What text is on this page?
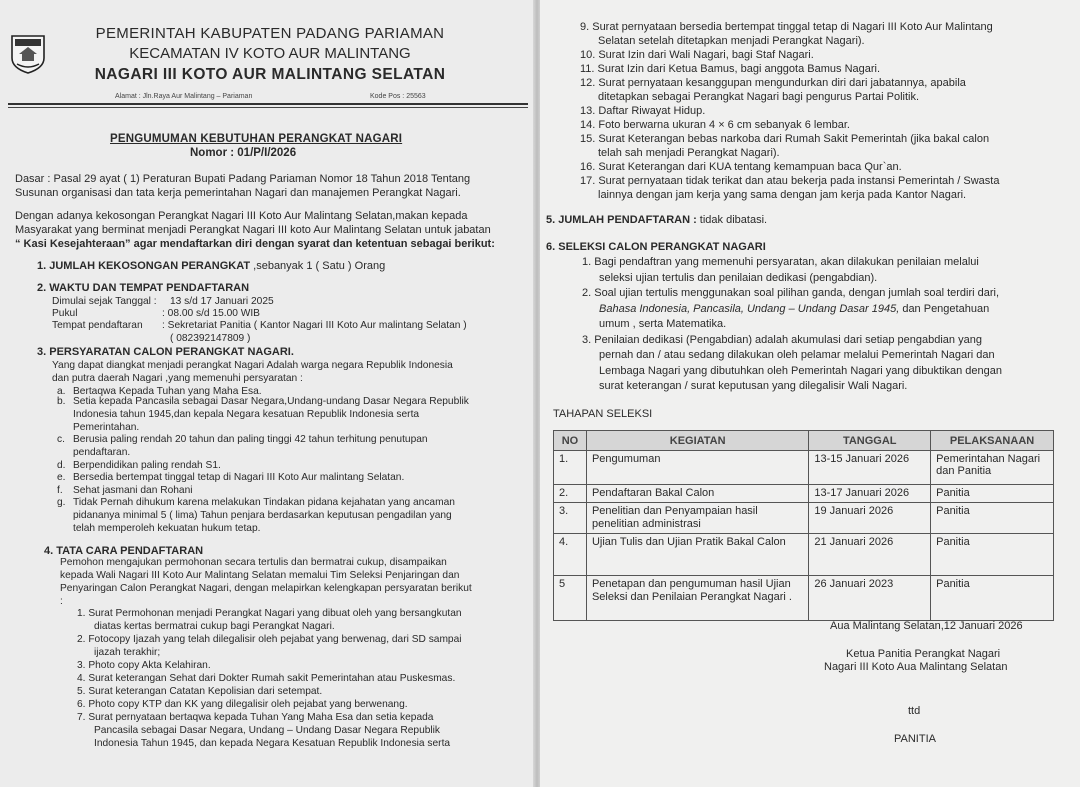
PEMERINTAH KABUPATEN PADANG PARIAMAN
KECAMATAN IV KOTO AUR MALINTANG
NAGARI III KOTO AUR MALINTANG SELATAN
Alamat : Jln.Raya Aur Malintang – Pariaman	Kode Pos : 25563
PENGUMUMAN KEBUTUHAN PERANGKAT NAGARI
Nomor : 01/P/I/2026
Dasar : Pasal 29 ayat ( 1) Peraturan Bupati Padang Pariaman Nomor 18 Tahun 2018 Tentang
Susunan organisasi dan tata kerja pemerintahan Nagari dan manajemen Perangkat Nagari.
Dengan adanya kekosongan Perangkat Nagari III Koto Aur Malintang Selatan,makan kepada
Masyarakat yang berminat menjadi Perangkat Nagari III koto Aur Malintang Selatan untuk jabatan
“ Kasi Kesejahteraan” agar mendaftarkan diri dengan syarat dan ketentuan sebagai berikut:
1. JUMLAH KEKOSONGAN PERANGKAT ,sebanyak 1 ( Satu ) Orang
2. WAKTU DAN TEMPAT PENDAFTARAN
Dimulai sejak Tanggal : 13 s/d 17 Januari 2025
Pukul	: 08.00 s/d 15.00 WIB
Tempat pendaftaran : Sekretariat Panitia ( Kantor Nagari III Koto Aur malintang Selatan )
( 082392147809 )
3. PERSYARATAN CALON PERANGKAT NAGARI.
Yang dapat diangkat menjadi perangkat Nagari Adalah warga negara Republik Indonesia
dan putra daerah Nagari ,yang memenuhi persyaratan :
a. Bertaqwa Kepada Tuhan yang Maha Esa.
b. Setia kepada Pancasila sebagai Dasar Negara,Undang-undang Dasar Negara Republik
Indonesia tahun 1945,dan kepala Negara kesatuan Republik Indonesia serta
Pemerintahan.
c. Berusia paling rendah 20 tahun dan paling tinggi 42 tahun terhitung penutupan
pendaftaran.
d. Berpendidikan paling rendah S1.
e. Bersedia bertempat tinggal tetap di Nagari III Koto Aur malintang Selatan.
f. Sehat jasmani dan Rohani
g. Tidak Pernah dihukum karena melakukan Tindakan pidana kejahatan yang ancaman
pidananya minimal 5 ( lima) Tahun penjara berdasarkan keputusan pengadilan yang
telah memperoleh kekuatan hukum tetap.
4. TATA CARA PENDAFTARAN
Pemohon mengajukan permohonan secara tertulis dan bermatrai cukup, disampaikan
kepada Wali Nagari III Koto Aur Malintang Selatan memalui Tim Seleksi Penjaringan dan
Penyaringan Calon Perangkat Nagari, dengan melapirkan kelengkapan persyaratan berikut
:
1. Surat Permohonan menjadi Perangkat Nagari yang dibuat oleh yang bersangkutan
diatas kertas bermatrai cukup bagi Perangkat Nagari.
2. Fotocopy Ijazah yang telah dilegalisir oleh pejabat yang berwenag, dari SD sampai
ijazah terakhir;
3. Photo copy Akta Kelahiran.
4. Surat keterangan Sehat dari Dokter Rumah sakit Pemerintahan atau Puskesmas.
5. Surat keterangan Catatan Kepolisian dari setempat.
6. Photo copy KTP dan KK yang dilegalisir oleh pejabat yang berwenang.
7. Surat pernyataan bertaqwa kepada Tuhan Yang Maha Esa dan setia kepada
Pancasila sebagai Dasar Negara, Undang – Undang Dasar Negara Republik
Indonesia Tahun 1945, dan kepada Negara Kesatuan Republik Indonesia serta
9. Surat pernyataan bersedia bertempat tinggal tetap di Nagari III Koto Aur Malintang
Selatan setelah ditetapkan menjadi Perangkat Nagari).
10. Surat Izin dari Wali Nagari, bagi Staf Nagari.
11. Surat Izin dari Ketua Bamus, bagi anggota Bamus Nagari.
12. Surat pernyataan kesanggupan mengundurkan diri dari jabatannya, apabila
ditetapkan sebagai Perangkat Nagari bagi pengurus Partai Politik.
13. Daftar Riwayat Hidup.
14. Foto berwarna ukuran 4 × 6 cm sebanyak 6 lembar.
15. Surat Keterangan bebas narkoba dari Rumah Sakit Pemerintah (jika bakal calon
telah sah menjadi Perangkat Nagari).
16. Surat Keterangan dari KUA tentang kemampuan baca Qur`an.
17. Surat pernyataan tidak terikat dan atau bekerja pada instansi Pemerintah / Swasta
lainnya dengan jam kerja yang sama dengan jam kerja pada Kantor Nagari.
5. JUMLAH PENDAFTARAN : tidak dibatasi.
6. SELEKSI CALON PERANGKAT NAGARI
1. Bagi pendaftran yang memenuhi persyaratan, akan dilakukan penilaian melalui
seleksi ujian tertulis dan penilaian dedikasi (pengabdian).
2. Soal ujian tertulis menggunakan soal pilihan ganda, dengan jumlah soal terdiri dari,
Bahasa Indonesia, Pancasila, Undang – Undang Dasar 1945, dan Pengetahuan
umum , serta Matematika.
3. Penilaian dedikasi (Pengabdian) adalah akumulasi dari setiap pengabdian yang
pernah dan / atau sedang dilakukan oleh pelamar melalui Pemerintah Nagari dan
Lembaga Nagari yang dibutuhkan oleh Pemerintah Nagari yang dibuktikan dengan
surat keterangan / surat keputusan yang dilegalisir Wali Nagari.
TAHAPAN SELEKSI
NO	KEGIATAN	TANGGAL	PELAKSANAAN
1.	Pengumuman	13-15 Januari 2026	Pemerintahan Nagari dan Panitia
2.	Pendaftaran Bakal Calon	13-17 Januari 2026	Panitia
3.	Penelitian dan Penyampaian hasil penelitian administrasi	19 Januari 2026	Panitia
4.	Ujian Tulis dan Ujian Pratik Bakal Calon	21 Januari 2026	Panitia
5	Penetapan dan pengumuman hasil Ujian Seleksi dan Penilaian Perangkat Nagari .	26 Januari 2023	Panitia
Aua Malintang Selatan,12 Januari 2026
Ketua Panitia Perangkat Nagari
Nagari III Koto Aua Malintang Selatan
ttd
PANITIA
